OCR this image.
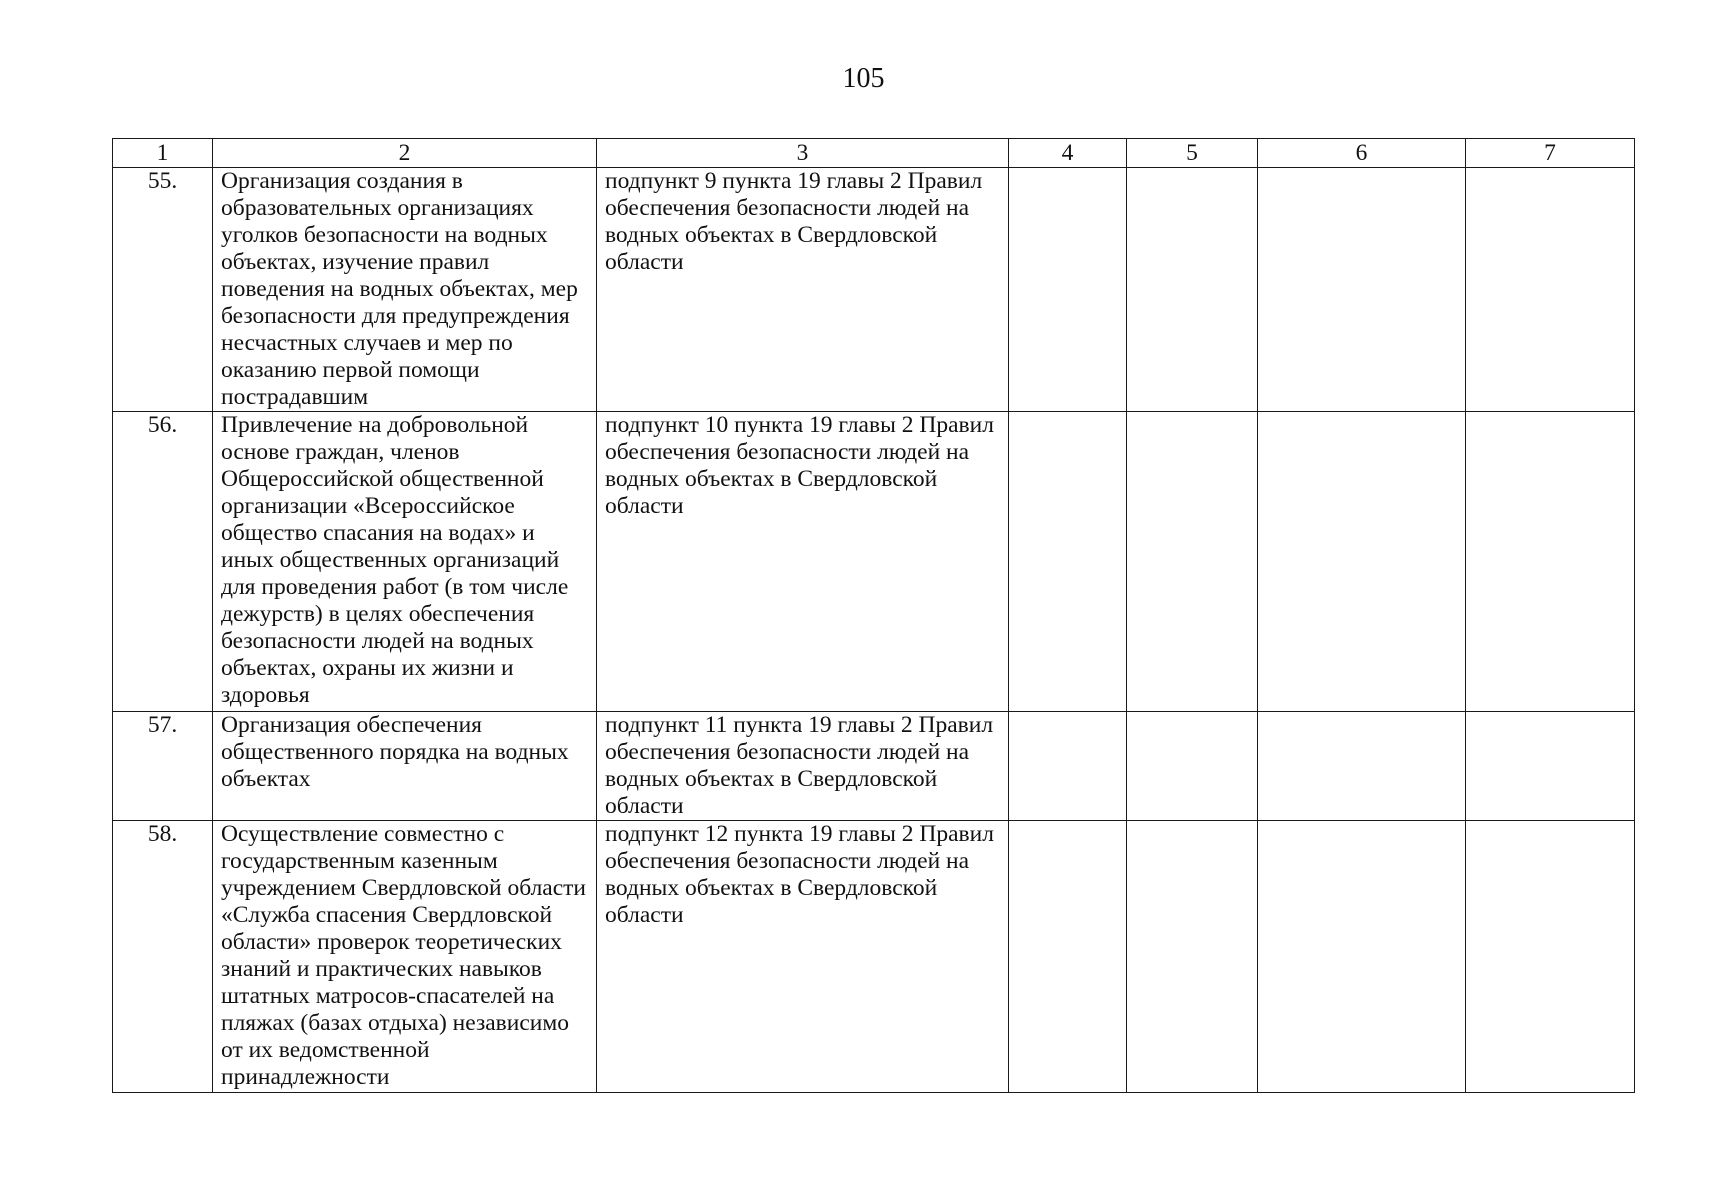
105
1	2	3	4	5	6	7
55.	Организация создания в образовательных организациях уголков безопасности на водных объектах, изучение правил поведения на водных объектах, мер безопасности для предупреждения несчастных случаев и мер по оказанию первой помощи пострадавшим	подпункт 9 пункта 19 главы 2 Правил обеспечения безопасности людей на водных объектах в Свердловской области				
56.	Привлечение на добровольной основе граждан, членов Общероссийской общественной организации «Всероссийское общество спасания на водах» и иных общественных организаций для проведения работ (в том числе дежурств) в целях обеспечения безопасности людей на водных объектах, охраны их жизни и здоровья	подпункт 10 пункта 19 главы 2 Правил обеспечения безопасности людей на водных объектах в Свердловской области				
57.	Организация обеспечения общественного порядка на водных объектах	подпункт 11 пункта 19 главы 2 Правил обеспечения безопасности людей на водных объектах в Свердловской области				
58.	Осуществление совместно с государственным казенным учреждением Свердловской области «Служба спасения Свердловской области» проверок теоретических знаний и практических навыков штатных матросов-спасателей на пляжах (базах отдыха) независимо от их ведомственной принадлежности	подпункт 12 пункта 19 главы 2 Правил обеспечения безопасности людей на водных объектах в Свердловской области				
